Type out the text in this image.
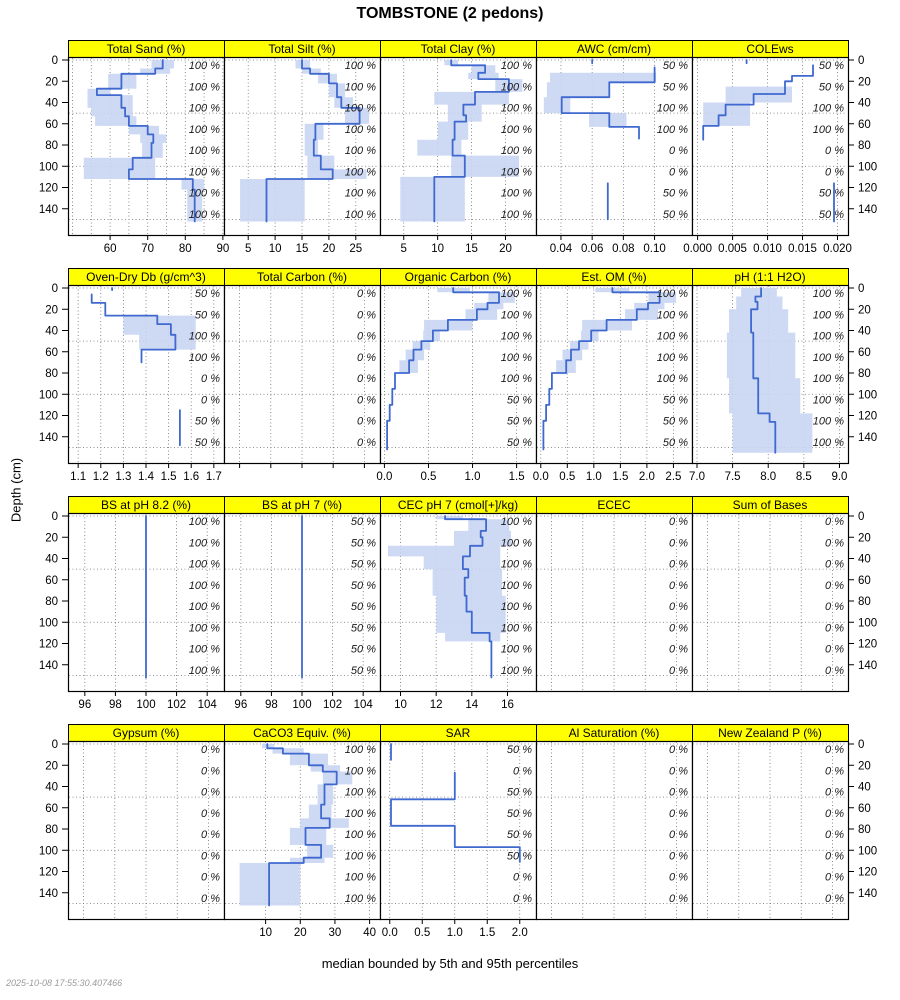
TOMBSTONE (2 pedons)
Depth (cm)
Total Sand (%)
100 %
100 %
100 %
100 %
100 %
100 %
100 %
100 %
60 70 80 90
Total Silt (%)
100 %
100 %
100 %
100 %
100 %
100 %
100 %
100 %
5 10 15 20 25
Total Clay (%)
100 %
100 %
100 %
100 %
100 %
100 %
100 %
100 %
5 10 15 20
AWC (cm/cm)
50 %
50 %
100 %
100 %
0 %
0 %
50 %
50 %
0.04 0.06 0.08 0.10
COLEws
50 %
50 %
100 %
100 %
0 %
0 %
50 %
50 %
0.000 0.005 0.010 0.015 0.020
0	0
20	20
40	40
60	60
80	80
100	100
120	120
140	140
Oven-Dry Db (g/cm^3)
50 %
50 %
100 %
100 %
0 %
0 %
50 %
50 %
1.1 1.2 1.3 1.4 1.5 1.6 1.7
Total Carbon (%)
0 %
0 %
0 %
0 %
0 %
0 %
0 %
0 %
Organic Carbon (%)
100 %
100 %
100 %
100 %
100 %
50 %
50 %
50 %
0.0 0.5 1.0 1.5
Est. OM (%)
100 %
100 %
100 %
100 %
100 %
50 %
50 %
50 %
0.0 0.5 1.0 1.5 2.0 2.5
pH (1:1 H2O)
100 %
100 %
100 %
100 %
100 %
100 %
100 %
100 %
7.0 7.5 8.0 8.5 9.0
0	0
20	20
40	40
60	60
80	80
100	100
120	120
140	140
BS at pH 8.2 (%)
100 %
100 %
100 %
100 %
100 %
100 %
100 %
100 %
96 98 100 102 104
BS at pH 7 (%)
50 %
50 %
50 %
50 %
50 %
50 %
50 %
50 %
96 98 100 102 104
CEC pH 7 (cmol[+]/kg)
100 %
100 %
100 %
100 %
100 %
100 %
100 %
100 %
10 12 14 16
ECEC
0 %
0 %
0 %
0 %
0 %
0 %
0 %
0 %
Sum of Bases
0 %
0 %
0 %
0 %
0 %
0 %
0 %
0 %
0	0
20	20
40	40
60	60
80	80
100	100
120	120
140	140
Gypsum (%)
0 %
0 %
0 %
0 %
0 %
0 %
0 %
0 %
CaCO3 Equiv. (%)
100 %
100 %
100 %
100 %
100 %
100 %
100 %
100 %
10 20 30 40
SAR
50 %
0 %
50 %
50 %
50 %
50 %
0 %
0 %
0.0 0.5 1.0 1.5 2.0
Al Saturation (%)
0 %
0 %
0 %
0 %
0 %
0 %
0 %
0 %
New Zealand P (%)
0 %
0 %
0 %
0 %
0 %
0 %
0 %
0 %
0	0
20	20
40	40
60	60
80	80
100	100
120	120
140	140
median bounded by 5th and 95th percentiles
2025-10-08 17:55:30.407466
